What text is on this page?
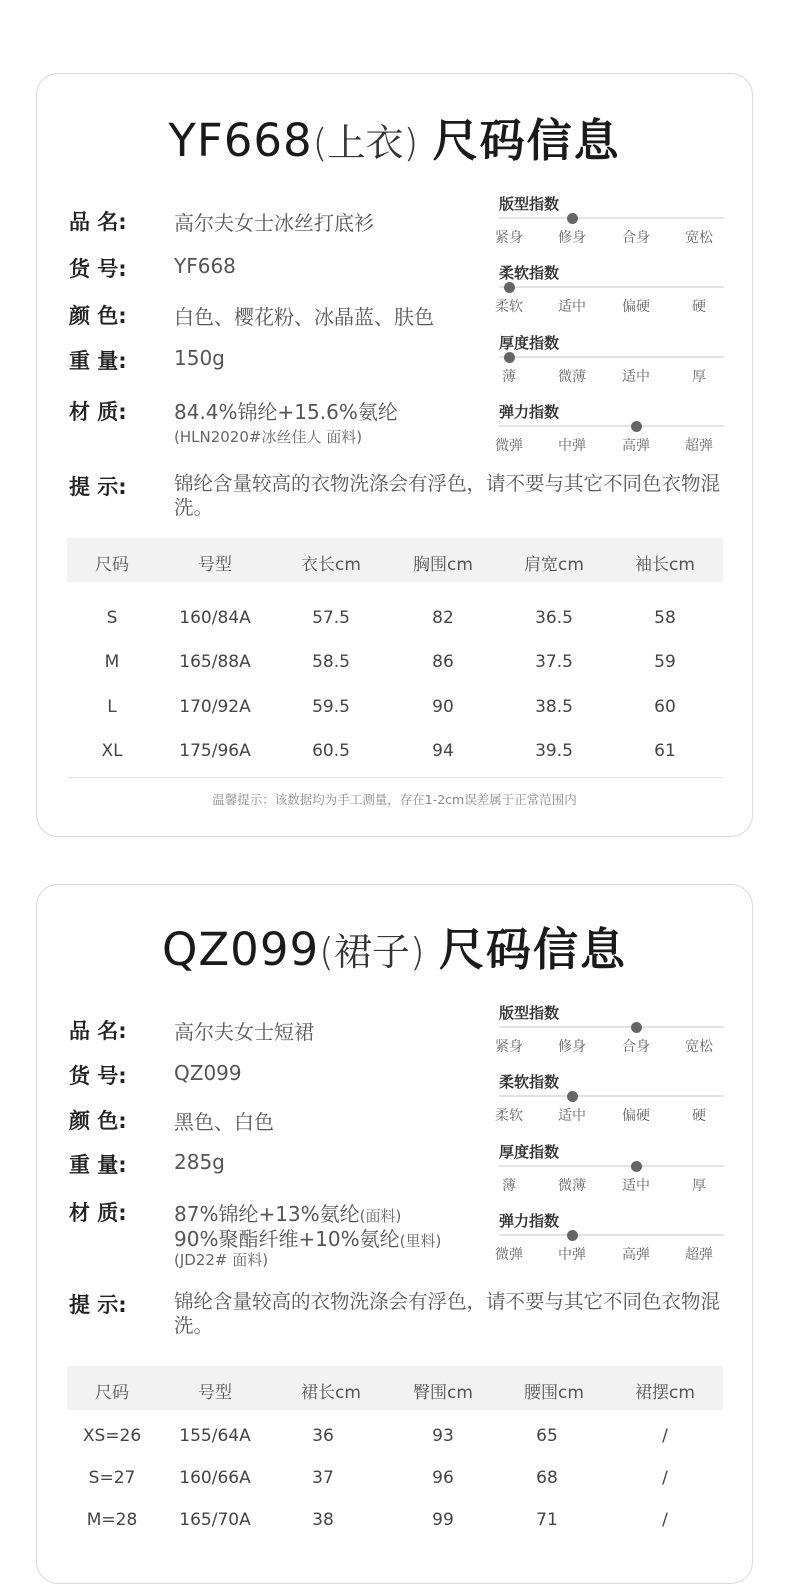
YF668(上衣) 尺码信息
品 名:	高尔夫女士冰丝打底衫
货 号:	YF668
颜 色:	白色、樱花粉、冰晶蓝、肤色
重 量:	150g
材 质:	84.4%锦纶+15.6%氨纶
(HLN2020#冰丝佳人 面料)
提 示:	锦纶含量较高的衣物洗涤会有浮色，请不要与其它不同色衣物混洗。
版型指数
紧身	修身	合身	宽松
柔软指数
柔软	适中	偏硬	硬
厚度指数
薄	微薄	适中	厚
弹力指数
微弹	中弹	高弹	超弹
尺码	号型	衣长cm	胸围cm	肩宽cm	袖长cm
S	160/84A	57.5	82	36.5	58
M	165/88A	58.5	86	37.5	59
L	170/92A	59.5	90	38.5	60
XL	175/96A	60.5	94	39.5	61
温馨提示：该数据均为手工测量，存在1-2cm误差属于正常范围内
QZ099(裙子) 尺码信息
品 名:	高尔夫女士短裙
货 号:	QZ099
颜 色:	黑色、白色
重 量:	285g
材 质:	87%锦纶+13%氨纶(面料)
90%聚酯纤维+10%氨纶(里料)
(JD22# 面料)
提 示:	锦纶含量较高的衣物洗涤会有浮色，请不要与其它不同色衣物混洗。
版型指数
紧身	修身	合身	宽松
柔软指数
柔软	适中	偏硬	硬
厚度指数
薄	微薄	适中	厚
弹力指数
微弹	中弹	高弹	超弹
尺码	号型	裙长cm	臀围cm	腰围cm	裙摆cm
XS=26 155/64A	36	93	65	/
S=27	160/66A	37	96	68	/
M=28 165/70A	38	99	71	/
